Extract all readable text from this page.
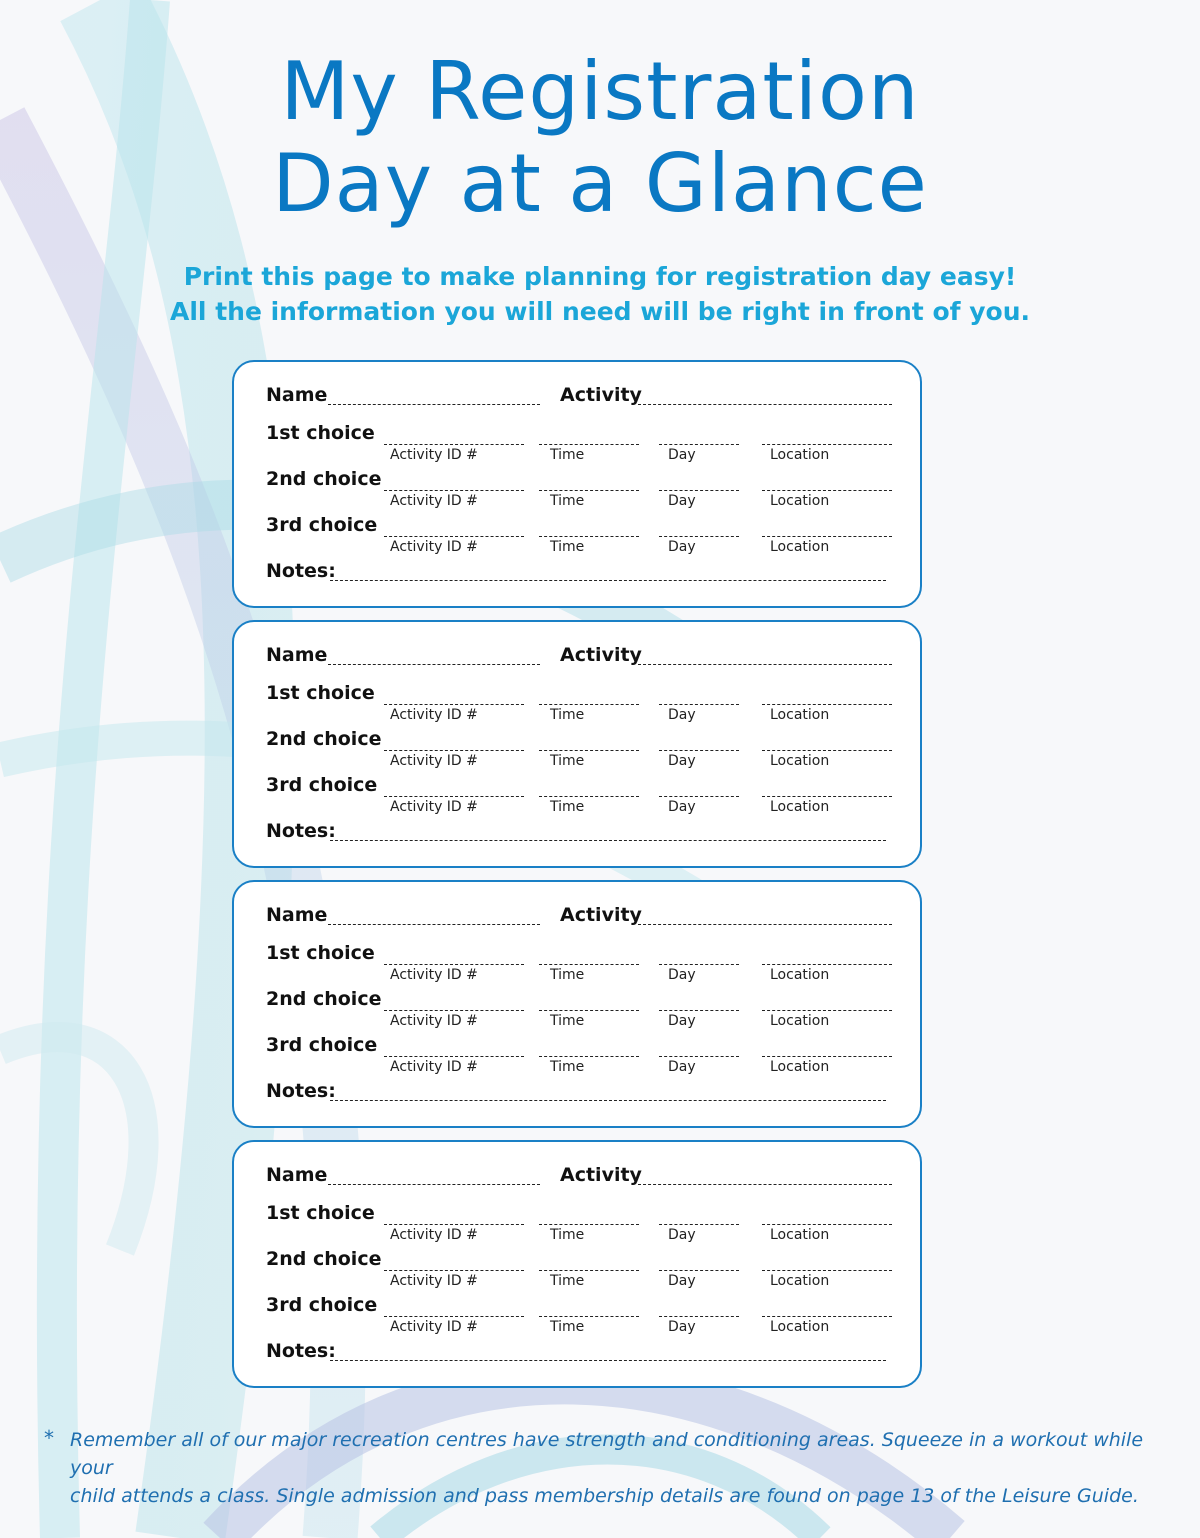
My Registration
Day at a Glance
Print this page to make planning for registration day easy!
All the information you will need will be right in front of you.
Name	Activity
1st choice
Activity ID #	Time	Day	Location
2nd choice
Activity ID #	Time	Day	Location
3rd choice
Activity ID #	Time	Day	Location
Notes:
Name	Activity
1st choice
Activity ID #	Time	Day	Location
2nd choice
Activity ID #	Time	Day	Location
3rd choice
Activity ID #	Time	Day	Location
Notes:
Name	Activity
1st choice
Activity ID #	Time	Day	Location
2nd choice
Activity ID #	Time	Day	Location
3rd choice
Activity ID #	Time	Day	Location
Notes:
Name	Activity
1st choice
Activity ID #	Time	Day	Location
2nd choice
Activity ID #	Time	Day	Location
3rd choice
Activity ID #	Time	Day	Location
Notes:
* Remember all of our major recreation centres have strength and conditioning areas. Squeeze in a workout while your
child attends a class. Single admission and pass membership details are found on page 13 of the Leisure Guide.
